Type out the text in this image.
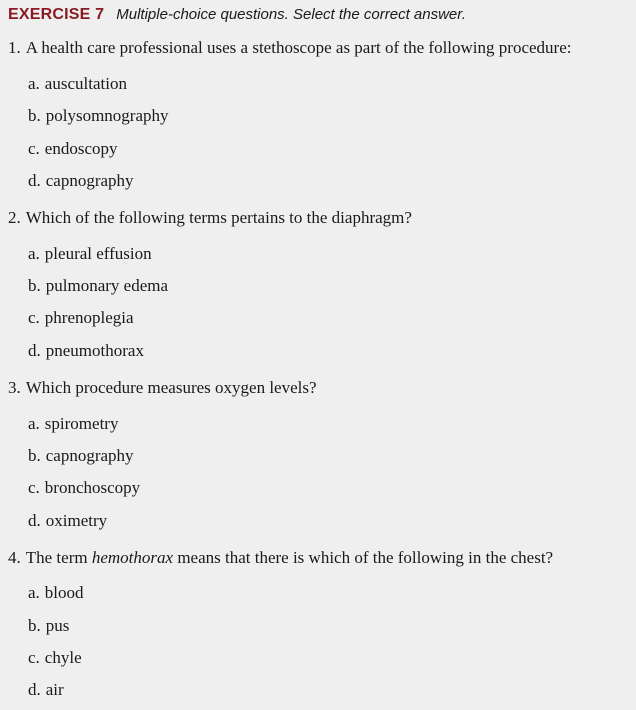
EXERCISE 7 Multiple-choice questions. Select the correct answer.
1. A health care professional uses a stethoscope as part of the following procedure:
a. auscultation
b. polysomnography
c. endoscopy
d. capnography
2. Which of the following terms pertains to the diaphragm?
a. pleural effusion
b. pulmonary edema
c. phrenoplegia
d. pneumothorax
3. Which procedure measures oxygen levels?
a. spirometry
b. capnography
c. bronchoscopy
d. oximetry
4. The term hemothorax means that there is which of the following in the chest?
a. blood
b. pus
c. chyle
d. air
